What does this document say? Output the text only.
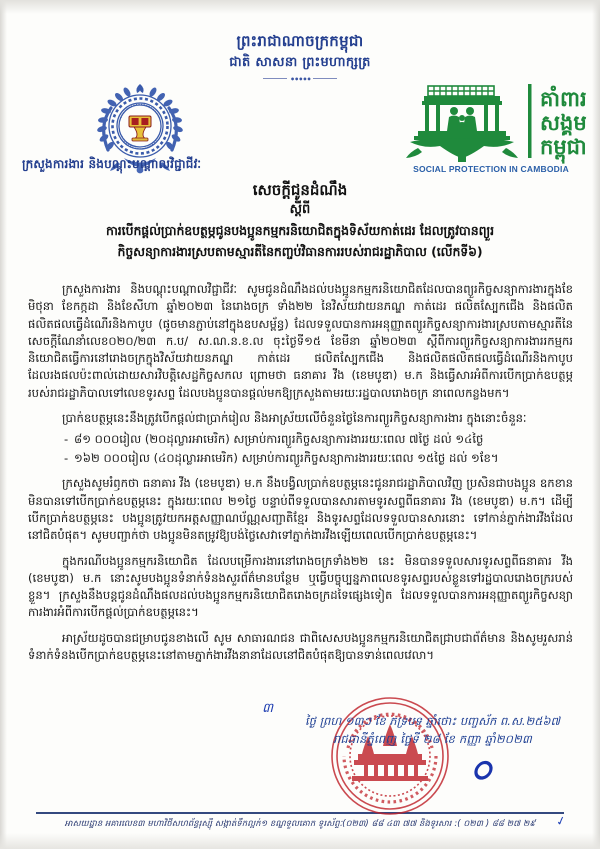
ព្រះរាជាណាចក្រកម្ពុជា
ជាតិ សាសនា ព្រះមហាក្សត្រ
•••••
គាំពារ
សង្គម
កម្ពុជា
SOCIAL PROTECTION IN CAMBODIA
ក្រសួងការងារ និងបណ្តុះបណ្តាលវិជ្ជាជីវៈ
សេចក្តីជូនដំណឹង
ស្តីពី
ការបើកផ្តល់ប្រាក់ឧបត្ថម្ភជូនបងប្អូនកម្មករនិយោជិតក្នុងទិស័យកាត់ដេរ ដែលត្រូវបានព្យួរ
កិច្ចសន្យាការងារស្របតាមស្មារតីនៃកញ្ចប់វិធានការរបស់រាជរដ្ឋាភិបាល (លើកទី៦)

ក្រសួងការងារ និងបណ្តុះបណ្តាលវិជ្ជាជីវៈ សូមជូនដំណឹងដល់បងប្អូនកម្មករនិយោជិតដែលបានព្យួរកិច្ចសន្យាការងារក្នុងខែមិថុនា ខែកក្កដា និងខែសីហា ឆ្នាំ២០២៣ នៃរោងចក្រ ទាំង២២ នៃវិស័យវាយនភណ្ឌ កាត់ដេរ ផលិតស្បែកជើង និងផលិតផលិតផលធ្វើដំណើរនិងកាបូប (ផូចមានភ្ជាប់នៅក្នុងឧបសម្ព័ន្ធ) ដែលទទួលបានការអនុញ្ញាតព្យួរកិច្ចសន្យាការងារស្របតាមស្មារតីនៃសេចក្តីណែនាំលេខ០២០/២៣ ក.ប/ ស.ណ.ន.ខ.ល ចុះថ្ងៃទី១៥ ខែមីនា ឆ្នាំ២០២៣ ស្តីពីការព្យួរកិច្ចសន្យាការងាររកម្មករនិយោជិតធ្វើការនៅរោងចក្រក្នុងវិស័យវាយនភណ្ឌ កាត់ដេរ ផលិតស្បែកជើង និងផលិតផលិតផលធ្វើដំណើរនិងកាបូប ដែលរងផលប៉ះពាល់ដោយសារវិបត្តិសេដ្ឋកិច្ចសកល ព្រោមថា ធនាគារ វីង (ខេមបូឌា) ម.ក និងធ្វើសារអំពីការបើកប្រាក់ឧបត្ថម្ភរបស់រាជរដ្ឋាភិបាលទៅលេខទូរសព្ទ ដែលបងប្អូនបានផ្តល់មកឱ្យក្រសួងតាមរយៈរដ្ឋបាលរោងចក្រ នាពេលកន្លងមក។

ប្រាក់ឧបត្ថម្ភនេះនឹងត្រូវបើកផ្តល់ជាប្រាក់រៀល និងអាស្រ័យលើចំនួនថ្ងៃនៃការព្យួរកិច្ចសន្យាការងារ ក្នុងនោះចំនួនៈ

- ៨១ ០០០រៀល (២០ដុល្លារអាមេរិក) សម្រាប់ការព្យួរកិច្ចសន្យាការងាររយៈពេល ៧ថ្ងៃ ដល់ ១៤ថ្ងៃ
- ១៦២ ០០០រៀល (៤០ដុល្លារអាមេរិក) សម្រាប់ការព្យួរកិច្ចសន្យាការងាររយៈពេល ១៥ថ្ងៃ ដល់ ១ខែ។

ក្រសួងសូមរំឭកថា ធនាគារ វីង (ខេមបូឌា) ម.ក នឹងបង្វិលប្រាក់ឧបត្ថម្ភនេះជូនរាជរដ្ឋាភិបាលវិញ ប្រសិនជាបងប្អូន ឧកខាន មិនបានទៅបើកប្រាក់ឧបត្ថម្ភនេះ ក្នុងរយៈពេល ២១ថ្ងៃ បន្ទាប់ពីទទួលបានសារតាមទូរសព្ទពីធនាគារ វីង (ខេមបូឌា) ម.ក។ ដើម្បីបើកប្រាក់ឧបត្ថម្ភនេះ បងប្អូនត្រូវយកអត្តសញ្ញាណប័ណ្ណសញ្ជាតិខ្មែរ និងទូរសព្ទដែលទទួលបានសារនោះ ទៅកាន់ភ្នាក់ងារវីងដែលនៅជិតបំផុត។ សូមបញ្ជាក់ថា បងប្អូនមិនតម្រូវឱ្យបង់ថ្លៃសេវាទៅភ្នាក់ងារវីងឡើយពេលបើកប្រាក់ឧបត្ថម្ភនេះ។

ក្នុងករណីបងប្អូនកម្មករនិយោជិត ដែលបម្រើការងារនៅរោងចក្រទាំង២២ នេះ មិនបានទទួលសារទូរសព្ទពីធនាគារ វីង (ខេមបូឌា) ម.ក នោះសូមបងប្អូនទំនាក់ទំនងសួរព័ត៌មានបន្ថែម ឬធ្វើបច្ចុប្បន្នភាពលេខទូរសព្ទរបស់ខ្លួនទៅរដ្ឋបាលរោងចក្ររបស់ខ្លួន។ ក្រសួងនឹងបន្តជូនដំណឹងផលដល់បងប្អូនកម្មករនិយោជិតរោងចក្រដទៃផ្សេងទៀត ដែលទទួលបានការអនុញ្ញាតព្យួរកិច្ចសន្យាការងារអំពីការបើកផ្តល់ប្រាក់ឧបត្ថម្ភនេះ។

អាស្រ័យដូចបានជម្រាបជូនខាងលើ សូម សាធារណជន ជាពិសេសបងប្អូនកម្មករនិយោជិតជ្រាបជាព័ត៌មាន និងសូមរួសរាន់ទំនាក់ទំនងបើកប្រាក់ឧបត្ថម្ភនេះនៅតាមភ្នាក់ងារវីងនានាដែលនៅជិតបំផុតឱ្យបានទាន់ពេលវេលា។

៣
ថ្ងៃ ព្រហ ១៣ៗ ខែ ភទ្របទ ឆ្នាំថោះ បញ្ចស័ក ព.ស.២៥៦៧
រាជធានីភ្នំពេញ ថ្ងៃទី ២៨ ខែ កញ្ញា ឆ្នាំ២០២៣
ഠ
អាសយដ្ឋាន អគារលេខ៣ មហាវិថីសហព័ន្ធរុស្ស៊ី សង្កាត់ទឹកល្អក់១ ខណ្ឌទួលគោក ទូរស័ព្ទៈ(០២៣) ៨៨ ៤៣ ៧៧ និងទូរសារ :( ០២៣ ) ៨៨ ២៧ ២៩	✓
